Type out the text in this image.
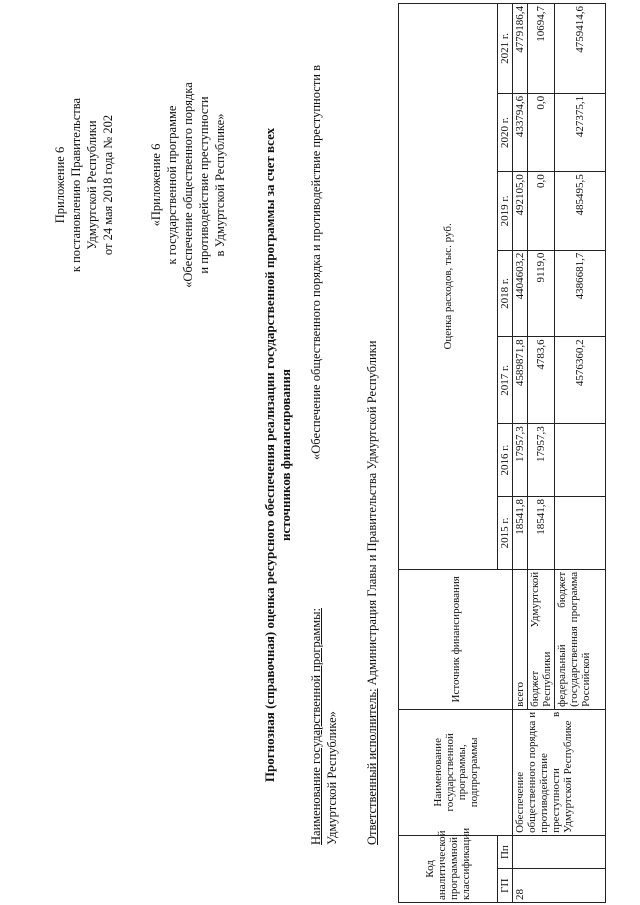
Приложение 6 к постановлению Правительства Удмуртской Республики от 24 мая 2018 года № 202	«Приложение 6 к государственной программе «Обеспечение общественного порядка и противодействие преступности в Удмуртской Республике»	Прогнозная (справочная) оценка ресурсного обеспечения реализации государственной программы за счет всех источников финансирования
Наименование государственной программы:
«Обеспечение общественного порядка и противодействие преступности в
Удмуртской Республике» Ответственный исполнитель: Администрация Главы и Правительства Удмуртской Республики
Код аналитической программной классификации		Наименование государственной программы, подпрограммы	Источник финансирования	Оценка расходов, тыс. руб.						
ГП	Пп			2015 г.	2016 г.	2017 г.	2018 г.	2019 г.	2020 г.	2021 г.

28		Обеспечение общественного порядка и противодействие преступности в Удмуртской Республике	всего	18541,8	17957,3	4589871,8	4404603,2	492105,0	433794,6	4779186,4
			бюджет Удмуртской Республики	18541,8	17957,3	4783,6	9119,0	0,0	0,0	10694,7
			федеральный бюджет (государственная программа Российской			4576360,2	4386681,7	485495,5	427375,1	4759414,6
